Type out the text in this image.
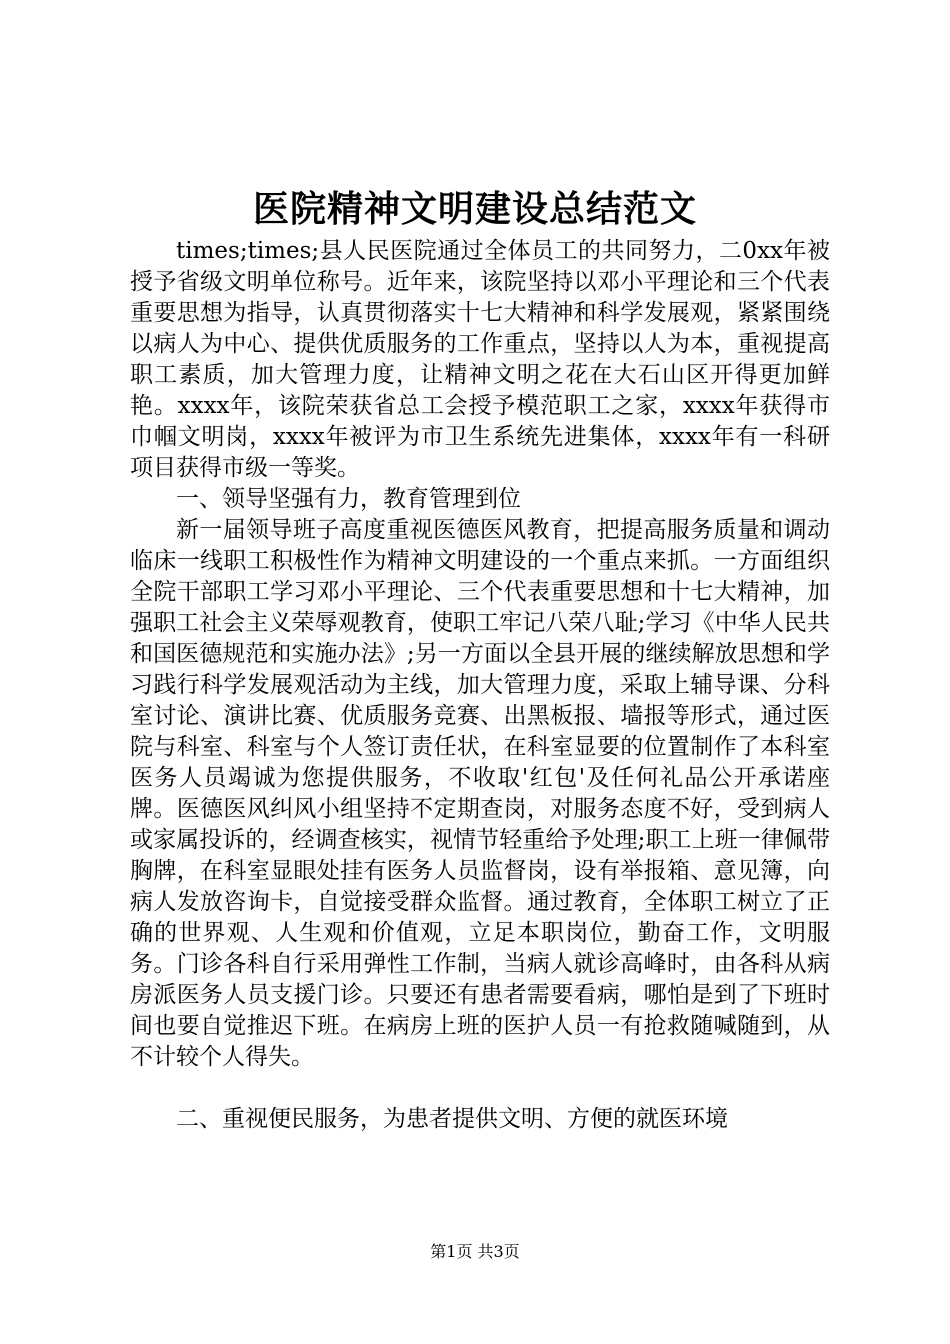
医院精神文明建设总结范文

times;times;县人民医院通过全体员工的共同努力，二0xx年被授予省级文明单位称号。近年来，该院坚持以邓小平理论和三个代表重要思想为指导，认真贯彻落实十七大精神和科学发展观，紧紧围绕以病人为中心、提供优质服务的工作重点，坚持以人为本，重视提高职工素质，加大管理力度，让精神文明之花在大石山区开得更加鲜艳。xxxx年，该院荣获省总工会授予模范职工之家，xxxx年获得市巾帼文明岗，xxxx年被评为市卫生系统先进集体，xxxx年有一科研项目获得市级一等奖。

一、领导坚强有力，教育管理到位

新一届领导班子高度重视医德医风教育，把提高服务质量和调动临床一线职工积极性作为精神文明建设的一个重点来抓。一方面组织全院干部职工学习邓小平理论、三个代表重要思想和十七大精神，加强职工社会主义荣辱观教育，使职工牢记八荣八耻;学习《中华人民共和国医德规范和实施办法》;另一方面以全县开展的继续解放思想和学习践行科学发展观活动为主线，加大管理力度，采取上辅导课、分科室讨论、演讲比赛、优质服务竞赛、出黑板报、墙报等形式，通过医院与科室、科室与个人签订责任状，在科室显要的位置制作了本科室医务人员竭诚为您提供服务，不收取'红包'及任何礼品公开承诺座牌。医德医风纠风小组坚持不定期查岗，对服务态度不好，受到病人或家属投诉的，经调查核实，视情节轻重给予处理;职工上班一律佩带胸牌，在科室显眼处挂有医务人员监督岗，设有举报箱、意见簿，向病人发放咨询卡，自觉接受群众监督。通过教育，全体职工树立了正确的世界观、人生观和价值观，立足本职岗位，勤奋工作，文明服务。门诊各科自行采用弹性工作制，当病人就诊高峰时，由各科从病房派医务人员支援门诊。只要还有患者需要看病，哪怕是到了下班时间也要自觉推迟下班。在病房上班的医护人员一有抢救随喊随到，从不计较个人得失。

二、重视便民服务，为患者提供文明、方便的就医环境

第1页 共3页
